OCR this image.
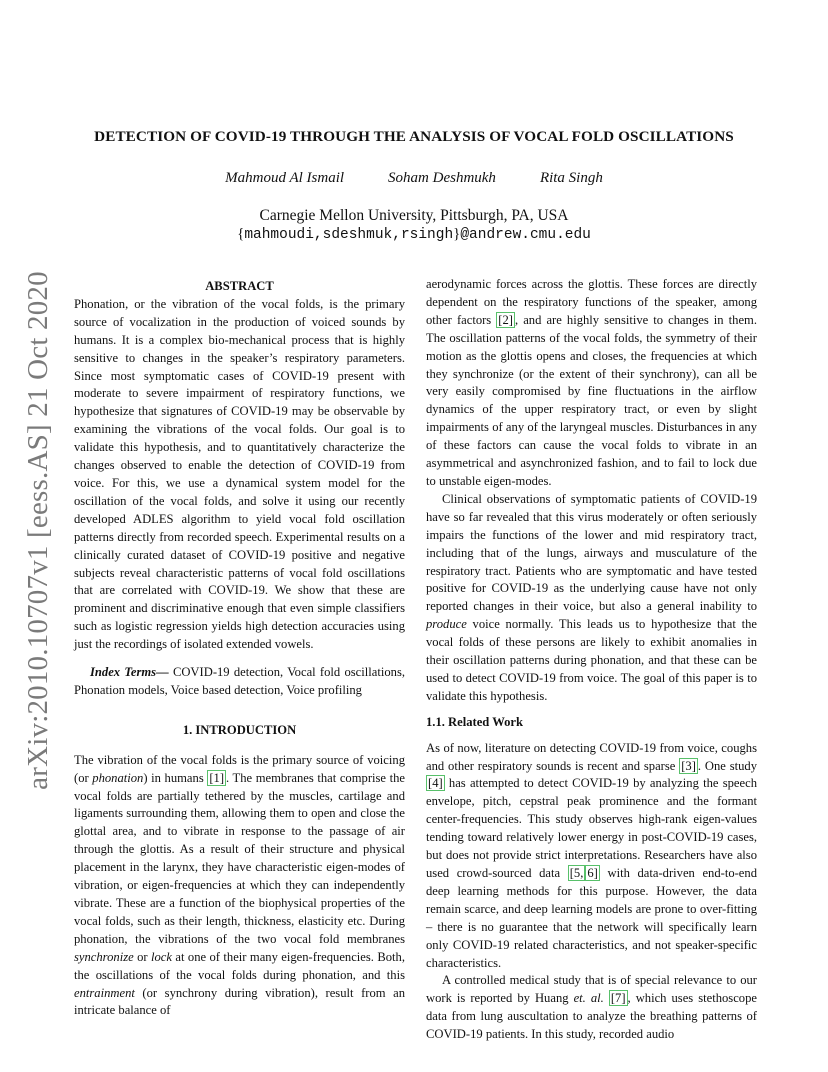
arXiv:2010.10707v1 [eess.AS] 21 Oct 2020
DETECTION OF COVID-19 THROUGH THE ANALYSIS OF VOCAL FOLD OSCILLATIONS
Mahmoud Al Ismail	Soham Deshmukh	Rita Singh
Carnegie Mellon University, Pittsburgh, PA, USA
{mahmoudi,sdeshmuk,rsingh}@andrew.cmu.edu
ABSTRACT

Phonation, or the vibration of the vocal folds, is the primary source of vocalization in the production of voiced sounds by humans. It is a complex bio-mechanical process that is highly sensitive to changes in the speaker’s respiratory parameters. Since most symptomatic cases of COVID-19 present with moderate to severe impairment of respiratory functions, we hypothesize that signatures of COVID-19 may be observable by examining the vibrations of the vocal folds. Our goal is to validate this hypothesis, and to quantitatively characterize the changes observed to enable the detection of COVID-19 from voice. For this, we use a dynamical system model for the oscillation of the vocal folds, and solve it using our recently developed ADLES algorithm to yield vocal fold oscillation patterns directly from recorded speech. Experimental results on a clinically curated dataset of COVID-19 positive and negative subjects reveal characteristic patterns of vocal fold oscillations that are correlated with COVID-19. We show that these are prominent and discriminative enough that even simple classifiers such as logistic regression yields high detection accuracies using just the recordings of isolated extended vowels.

Index Terms— COVID-19 detection, Vocal fold oscillations, Phonation models, Voice based detection, Voice profiling

1. INTRODUCTION

The vibration of the vocal folds is the primary source of voicing (or phonation) in humans [1] . The membranes that comprise the vocal folds are partially tethered by the muscles, cartilage and ligaments surrounding them, allowing them to open and close the glottal area, and to vibrate in response to the passage of air through the glottis. As a result of their structure and physical placement in the larynx, they have characteristic eigen-modes of vibration, or eigen-frequencies at which they can independently vibrate. These are a function of the biophysical properties of the vocal folds, such as their length, thickness, elasticity etc. During phonation, the vibrations of the two vocal fold membranes synchronize or lock at one of their many eigen-frequencies. Both, the oscillations of the vocal folds during phonation, and this entrainment (or synchrony during vibration), result from an intricate balance of

aerodynamic forces across the glottis. These forces are directly dependent on the respiratory functions of the speaker, among other factors [2] , and are highly sensitive to changes in them. The oscillation patterns of the vocal folds, the symmetry of their motion as the glottis opens and closes, the frequencies at which they synchronize (or the extent of their synchrony), can all be very easily compromised by fine fluctuations in the airflow dynamics of the upper respiratory tract, or even by slight impairments of any of the laryngeal muscles. Disturbances in any of these factors can cause the vocal folds to vibrate in an asymmetrical and asynchronized fashion, and to fail to lock due to unstable eigen-modes.

Clinical observations of symptomatic patients of COVID-19 have so far revealed that this virus moderately or often seriously impairs the functions of the lower and mid respiratory tract, including that of the lungs, airways and musculature of the respiratory tract. Patients who are symptomatic and have tested positive for COVID-19 as the underlying cause have not only reported changes in their voice, but also a general inability to produce voice normally. This leads us to hypothesize that the vocal folds of these persons are likely to exhibit anomalies in their oscillation patterns during phonation, and that these can be used to detect COVID-19 from voice. The goal of this paper is to validate this hypothesis.

1.1. Related Work

As of now, literature on detecting COVID-19 from voice, coughs and other respiratory sounds is recent and sparse [3] . One study [4] has attempted to detect COVID-19 by analyzing the speech envelope, pitch, cepstral peak prominence and the formant center-frequencies. This study observes high-rank eigen-values tending toward relatively lower energy in post-COVID-19 cases, but does not provide strict interpretations. Researchers have also used crowd-sourced data [5, 6] with data-driven end-to-end deep learning methods for this purpose. However, the data remain scarce, and deep learning models are prone to over-fitting – there is no guarantee that the network will specifically learn only COVID-19 related characteristics, and not speaker-specific characteristics.

A controlled medical study that is of special relevance to our work is reported by Huang et. al. [7] , which uses stethoscope data from lung auscultation to analyze the breathing patterns of COVID-19 patients. In this study, recorded audio
